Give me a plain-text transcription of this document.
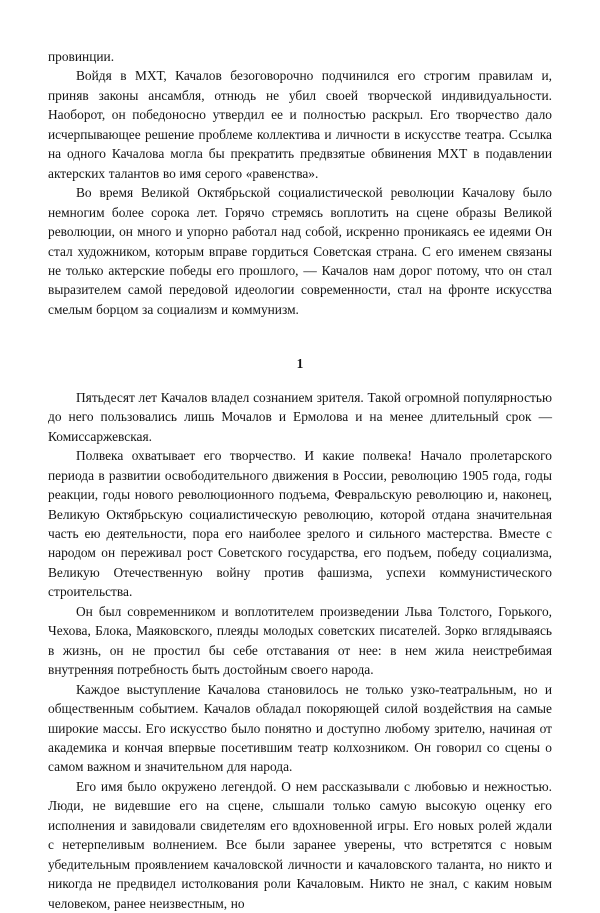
провинции.

Войдя в МХТ, Качалов безоговорочно подчинился его строгим правилам и, приняв законы ансамбля, отнюдь не убил своей творческой индивидуальности. Наоборот, он победоносно утвердил ее и полностью раскрыл. Его творчество дало исчерпывающее решение проблеме коллектива и личности в искусстве театра. Ссылка на одного Качалова могла бы прекратить предвзятые обвинения МХТ в подавлении актерских талантов во имя серого «равенства».

Во время Великой Октябрьской социалистической революции Качалову было немногим более сорока лет. Горячо стремясь воплотить на сцене образы Великой революции, он много и упорно работал над собой, искренно проникаясь ее идеями Он стал художником, которым вправе гордиться Советская страна. С его именем связаны не только актерские победы его прошлого, — Качалов нам дорог потому, что он стал выразителем самой передовой идеологии современности, стал на фронте искусства смелым борцом за социализм и коммунизм.

1

Пятьдесят лет Качалов владел сознанием зрителя. Такой огромной популярностью до него пользовались лишь Мочалов и Ермолова и на менее длительный срок — Комиссаржевская.

Полвека охватывает его творчество. И какие полвека! Начало пролетарского периода в развитии освободительного движения в России, революцию 1905 года, годы реакции, годы нового революционного подъема, Февральскую революцию и, наконец, Великую Октябрьскую социалистическую революцию, которой отдана значительная часть ею деятельности, пора его наиболее зрелого и сильного мастерства. Вместе с народом он переживал рост Советского государства, его подъем, победу социализма, Великую Отечественную войну против фашизма, успехи коммунистического строительства.

Он был современником и воплотителем произведении Льва Толстого, Горького, Чехова, Блока, Маяковского, плеяды молодых советских писателей. Зорко вглядываясь в жизнь, он не простил бы себе отставания от нее: в нем жила неистребимая внутренняя потребность быть достойным своего народа.

Каждое выступление Качалова становилось не только узко-театральным, но и общественным событием. Качалов обладал покоряющей силой воздействия на самые широкие массы. Его искусство было понятно и доступно любому зрителю, начиная от академика и кончая впервые посетившим театр колхозником. Он говорил со сцены о самом важном и значительном для народа.

Его имя было окружено легендой. О нем рассказывали с любовью и нежностью. Люди, не видевшие его на сцене, слышали только самую высокую оценку его исполнения и завидовали свидетелям его вдохновенной игры. Его новых ролей ждали с нетерпеливым волнением. Все были заранее уверены, что встретятся с новым убедительным проявлением качаловской личности и качаловского таланта, но никто и никогда не предвидел истолкования роли Качаловым. Никто не знал, с каким новым человеком, ранее неизвестным, но
